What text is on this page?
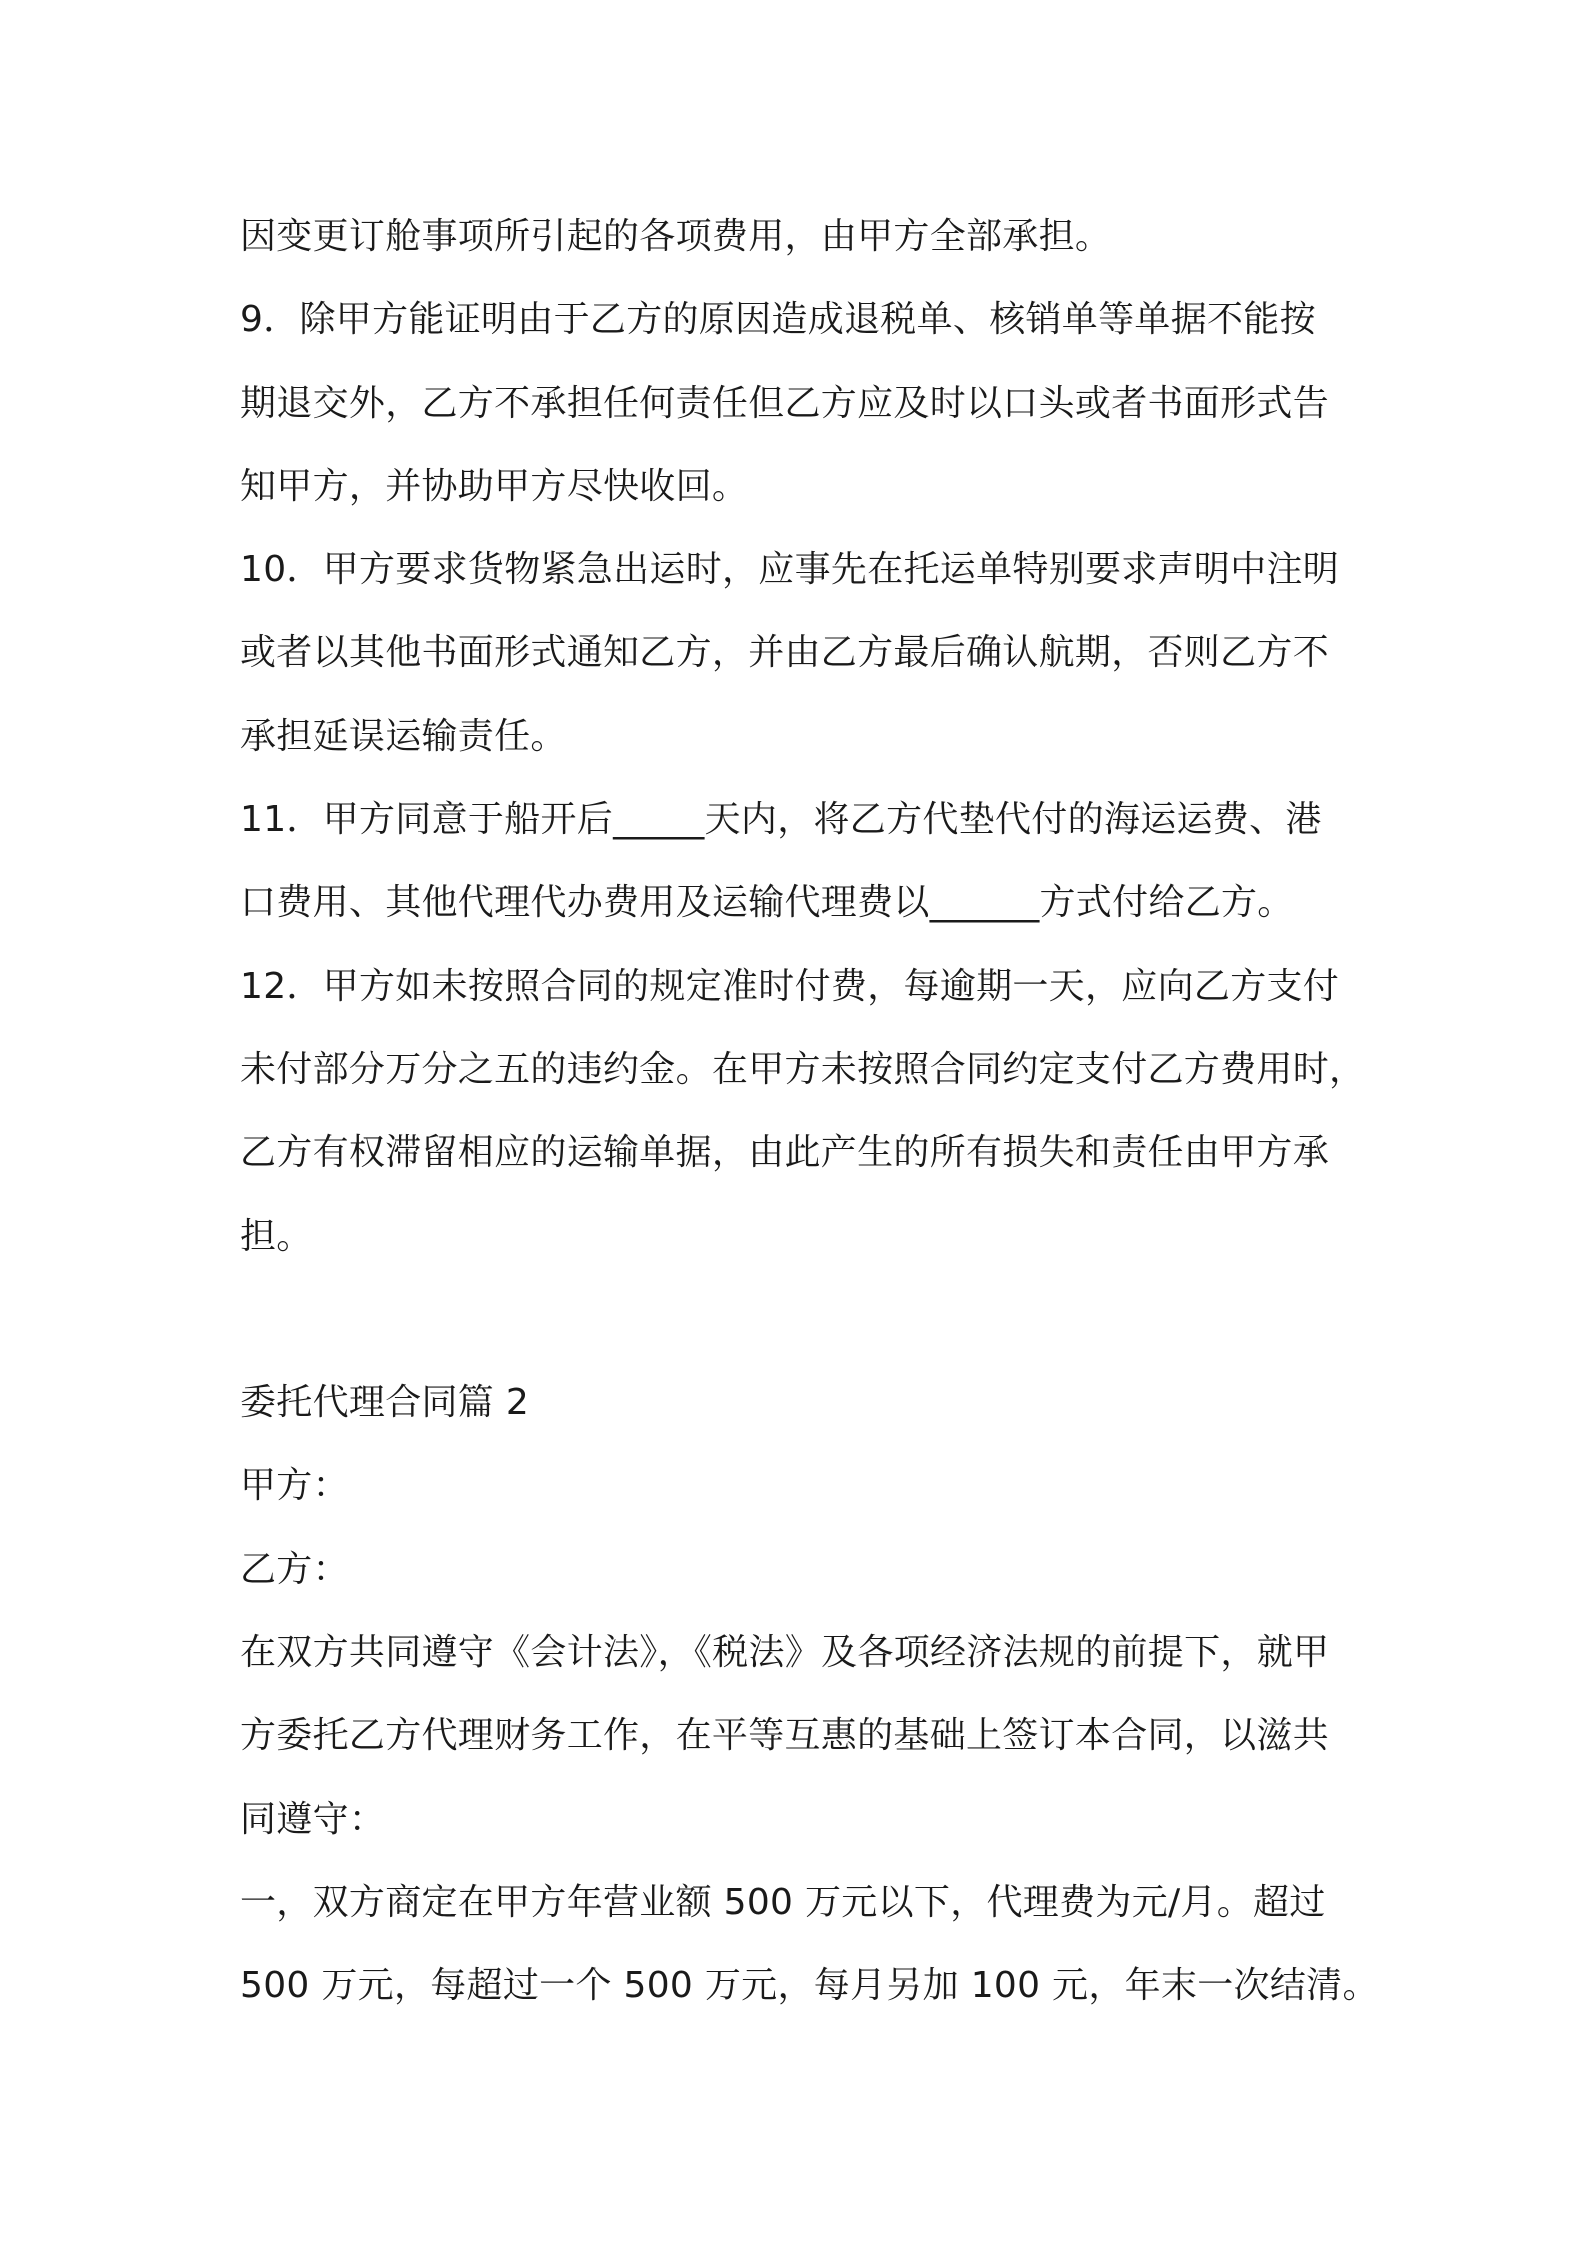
因变更订舱事项所引起的各项费用，由甲方全部承担。
9．除甲方能证明由于乙方的原因造成退税单、核销单等单据不能按
期退交外，乙方不承担任何责任但乙方应及时以口头或者书面形式告
知甲方，并协助甲方尽快收回。
10．甲方要求货物紧急出运时，应事先在托运单特别要求声明中注明
或者以其他书面形式通知乙方，并由乙方最后确认航期，否则乙方不
承担延误运输责任。
11．甲方同意于船开后_____天内，将乙方代垫代付的海运运费、港
口费用、其他代理代办费用及运输代理费以______方式付给乙方。
12．甲方如未按照合同的规定准时付费，每逾期一天，应向乙方支付
未付部分万分之五的违约金。在甲方未按照合同约定支付乙方费用时，
乙方有权滞留相应的运输单据，由此产生的所有损失和责任由甲方承
担。
委托代理合同篇 2
甲方：
乙方：
在双方共同遵守《会计法》，《税法》及各项经济法规的前提下，就甲
方委托乙方代理财务工作，在平等互惠的基础上签订本合同，以滋共
同遵守：
一，双方商定在甲方年营业额 500 万元以下，代理费为元/月。超过
500 万元，每超过一个 500 万元，每月另加 100 元，年末一次结清。
